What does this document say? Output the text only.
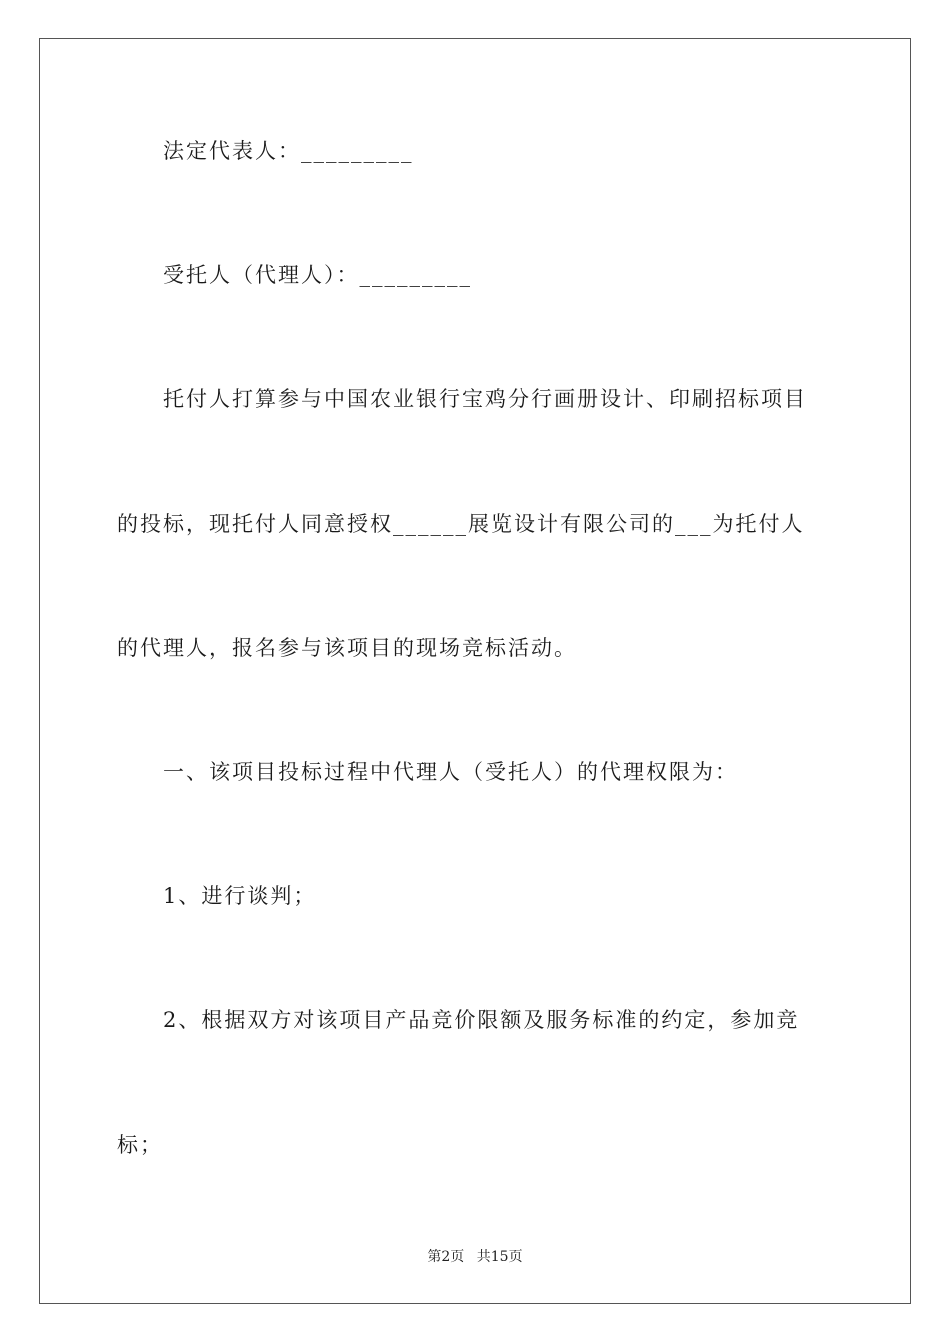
法定代表人：_________
受托人（代理人）：_________
托付人打算参与中国农业银行宝鸡分行画册设计、印刷招标项目
的投标，现托付人同意授权______展览设计有限公司的___为托付人
的代理人，报名参与该项目的现场竞标活动。
一、该项目投标过程中代理人（受托人）的代理权限为：
1、进行谈判；
2、根据双方对该项目产品竞价限额及服务标准的约定，参加竞
标；
第2页 共15页
